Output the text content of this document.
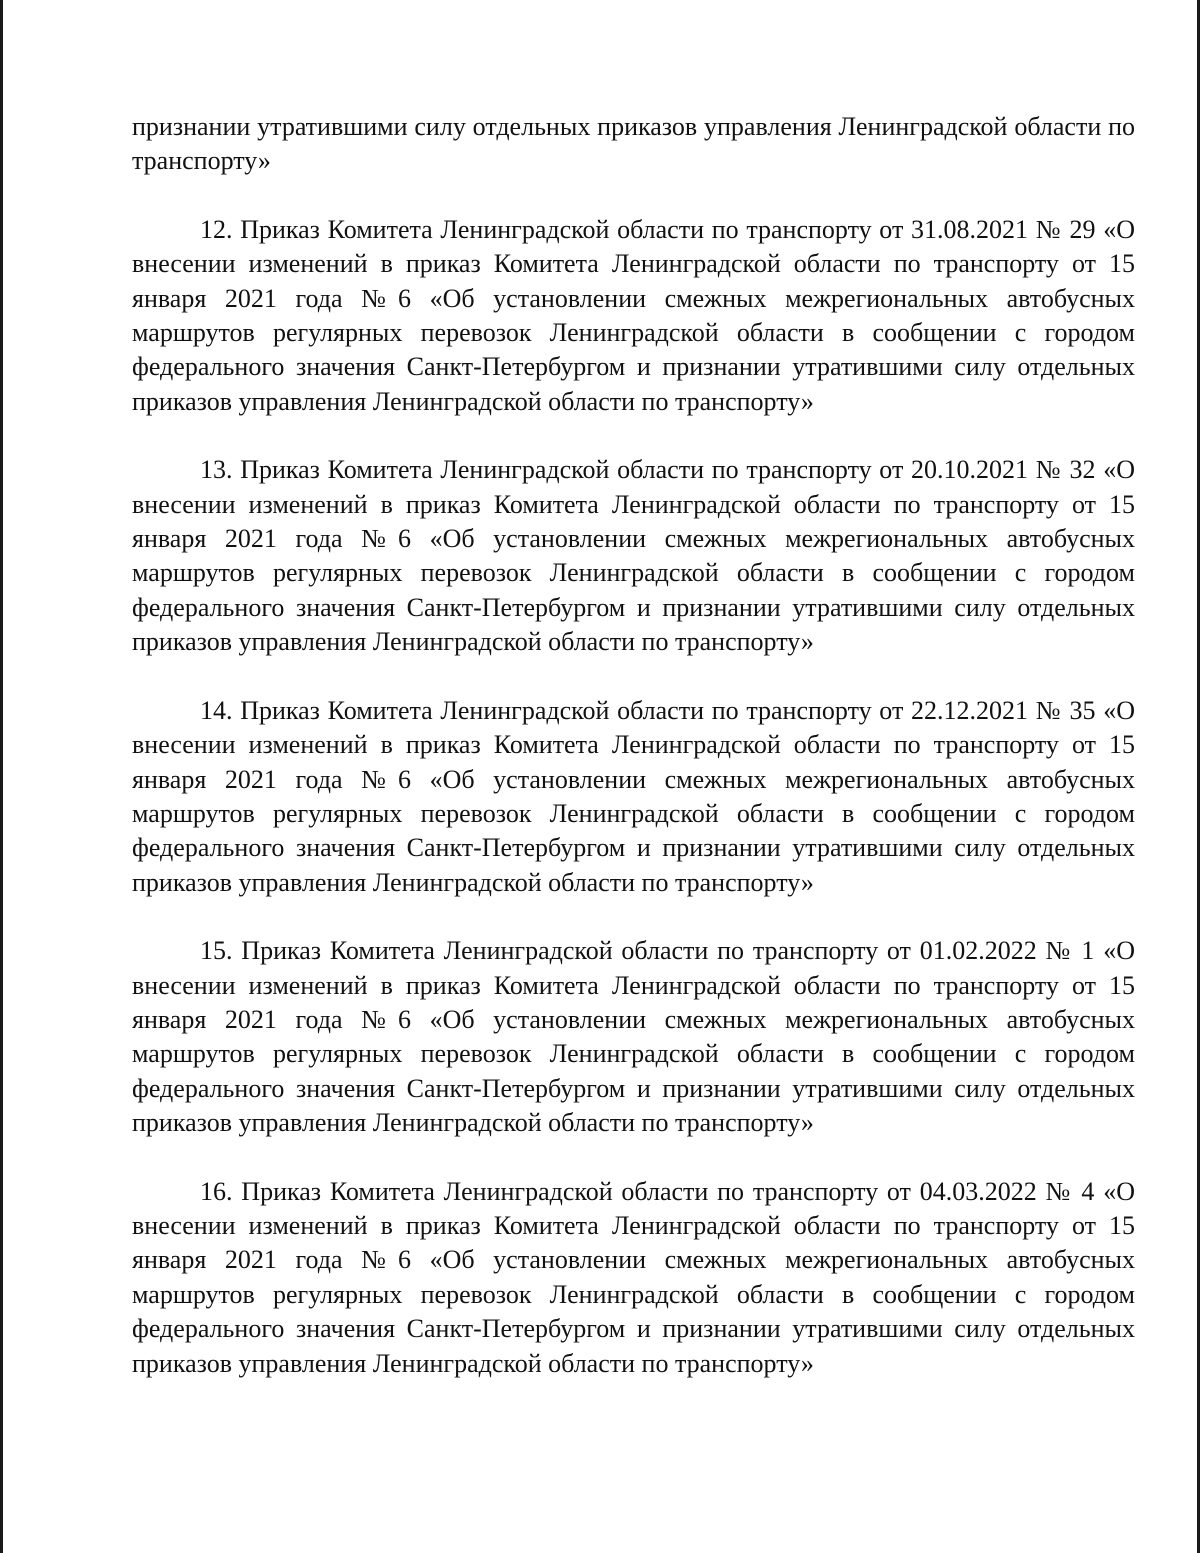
признании утратившими силу отдельных приказов управления Ленинградской области по транспорту»

12. Приказ Комитета Ленинградской области по транспорту от 31.08.2021 № 29 «О внесении изменений в приказ Комитета Ленинградской области по транспорту от 15 января 2021 года №6 «Об установлении смежных межрегиональных автобусных маршрутов регулярных перевозок Ленинградской области в сообщении с городом федерального значения Санкт-Петербургом и признании утратившими силу отдельных приказов управления Ленинградской области по транспорту»

13. Приказ Комитета Ленинградской области по транспорту от 20.10.2021 № 32 «О внесении изменений в приказ Комитета Ленинградской области по транспорту от 15 января 2021 года №6 «Об установлении смежных межрегиональных автобусных маршрутов регулярных перевозок Ленинградской области в сообщении с городом федерального значения Санкт-Петербургом и признании утратившими силу отдельных приказов управления Ленинградской области по транспорту»

14. Приказ Комитета Ленинградской области по транспорту от 22.12.2021 № 35 «О внесении изменений в приказ Комитета Ленинградской области по транспорту от 15 января 2021 года №6 «Об установлении смежных межрегиональных автобусных маршрутов регулярных перевозок Ленинградской области в сообщении с городом федерального значения Санкт-Петербургом и признании утратившими силу отдельных приказов управления Ленинградской области по транспорту»

15. Приказ Комитета Ленинградской области по транспорту от 01.02.2022 № 1 «О внесении изменений в приказ Комитета Ленинградской области по транспорту от 15 января 2021 года №6 «Об установлении смежных межрегиональных автобусных маршрутов регулярных перевозок Ленинградской области в сообщении с городом федерального значения Санкт-Петербургом и признании утратившими силу отдельных приказов управления Ленинградской области по транспорту»

16. Приказ Комитета Ленинградской области по транспорту от 04.03.2022 № 4 «О внесении изменений в приказ Комитета Ленинградской области по транспорту от 15 января 2021 года №6 «Об установлении смежных межрегиональных автобусных маршрутов регулярных перевозок Ленинградской области в сообщении с городом федерального значения Санкт-Петербургом и признании утратившими силу отдельных приказов управления Ленинградской области по транспорту»
